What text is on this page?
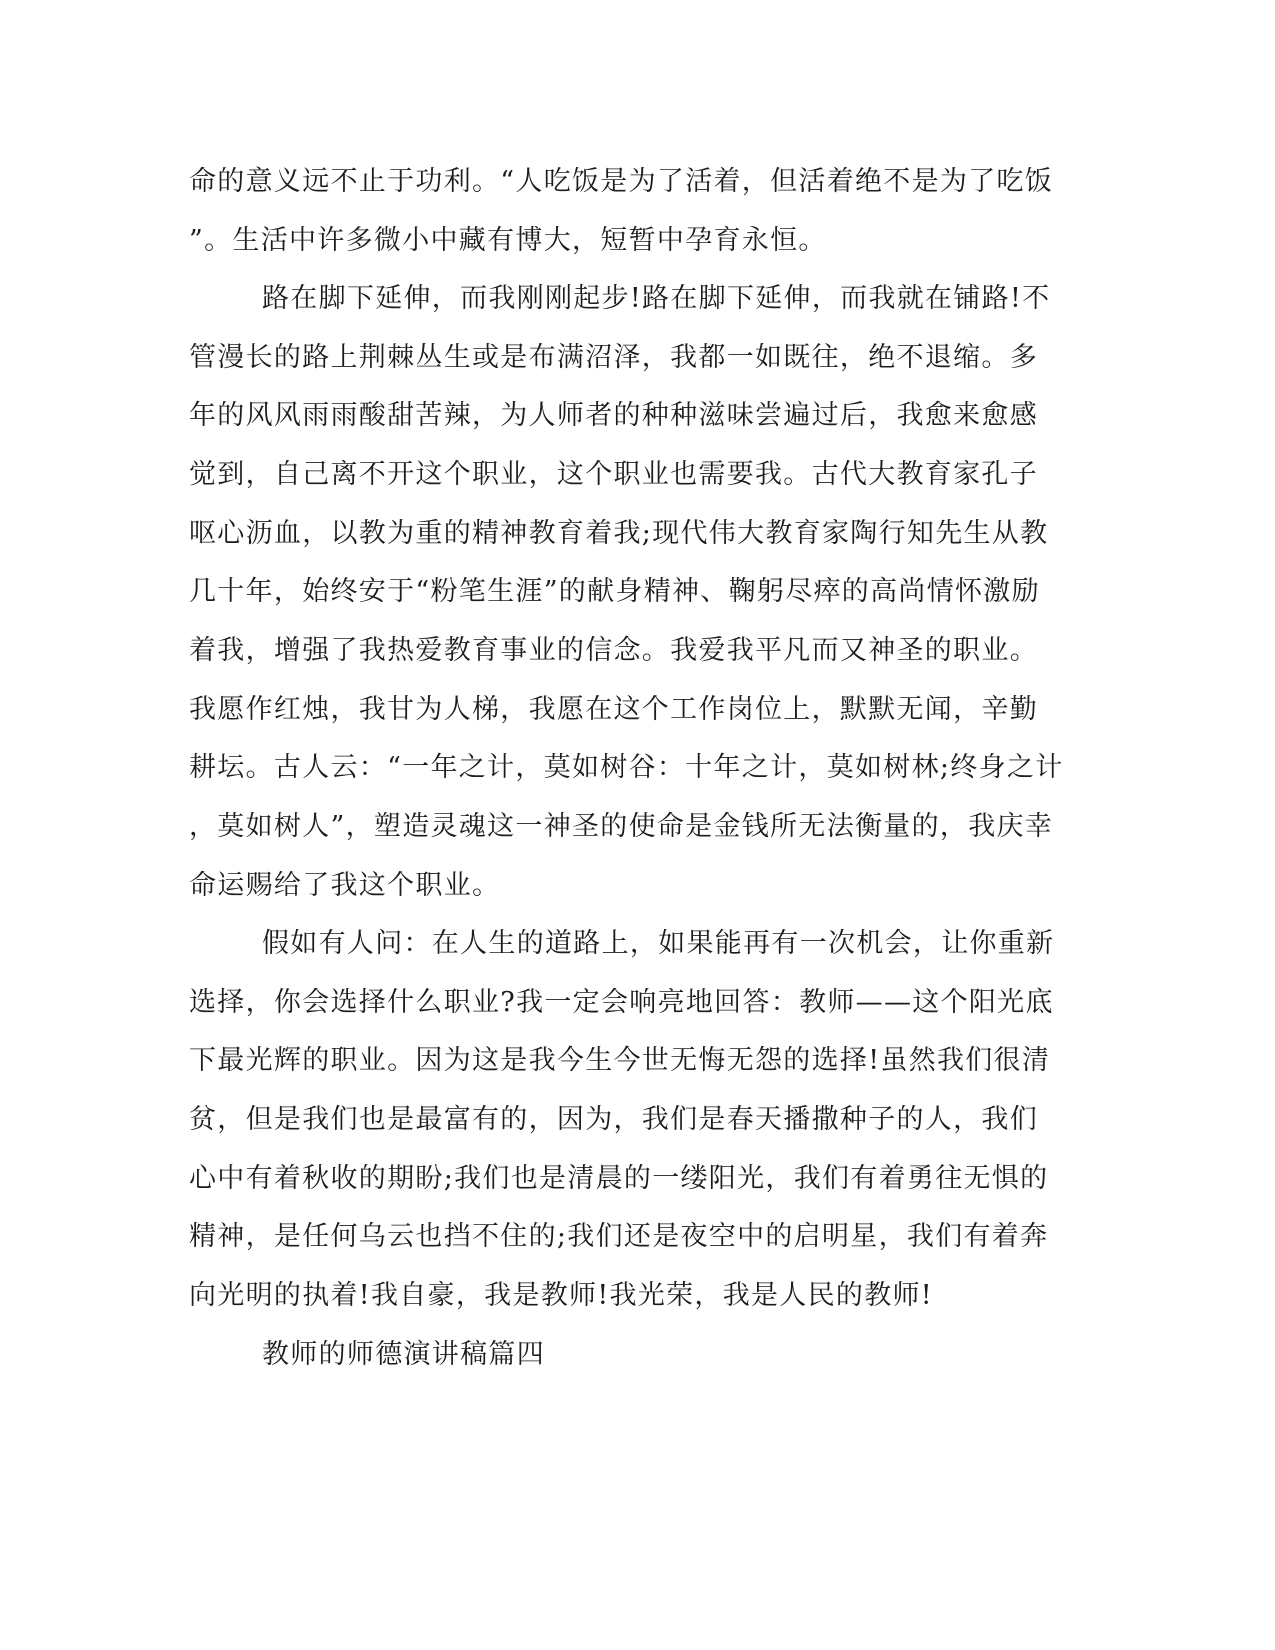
命的意义远不止于功利。“人吃饭是为了活着，但活着绝不是为了吃饭
”。生活中许多微小中藏有博大，短暂中孕育永恒。
路在脚下延伸，而我刚刚起步!路在脚下延伸，而我就在铺路!不
管漫长的路上荆棘丛生或是布满沼泽，我都一如既往，绝不退缩。多
年的风风雨雨酸甜苦辣，为人师者的种种滋味尝遍过后，我愈来愈感
觉到，自己离不开这个职业，这个职业也需要我。古代大教育家孔子
呕心沥血，以教为重的精神教育着我;现代伟大教育家陶行知先生从教
几十年，始终安于“粉笔生涯”的献身精神、鞠躬尽瘁的高尚情怀激励
着我，增强了我热爱教育事业的信念。我爱我平凡而又神圣的职业。
我愿作红烛，我甘为人梯，我愿在这个工作岗位上，默默无闻，辛勤
耕坛。古人云：“一年之计，莫如树谷：十年之计，莫如树林;终身之计
，莫如树人”，塑造灵魂这一神圣的使命是金钱所无法衡量的，我庆幸
命运赐给了我这个职业。
假如有人问：在人生的道路上，如果能再有一次机会，让你重新
选择，你会选择什么职业?我一定会响亮地回答：教师——这个阳光底
下最光辉的职业。因为这是我今生今世无悔无怨的选择!虽然我们很清
贫，但是我们也是最富有的，因为，我们是春天播撒种子的人，我们
心中有着秋收的期盼;我们也是清晨的一缕阳光，我们有着勇往无惧的
精神，是任何乌云也挡不住的;我们还是夜空中的启明星，我们有着奔
向光明的执着!我自豪，我是教师!我光荣，我是人民的教师!
教师的师德演讲稿篇四
